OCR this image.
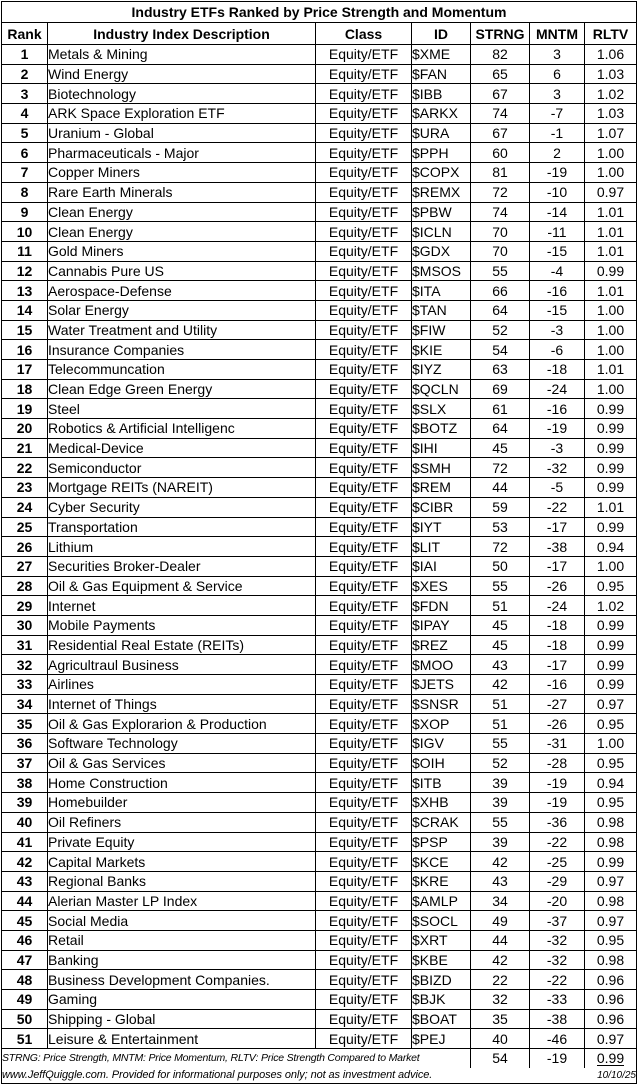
Industry ETFs Ranked by Price Strength and Momentum						
Rank	Industry Index Description	Class	ID	STRNG	MNTM	RLTV
1	Metals & Mining	Equity/ETF	$XME	82	3	1.06
2	Wind Energy	Equity/ETF	$FAN	65	6	1.03
3	Biotechnology	Equity/ETF	$IBB	67	3	1.02
4	ARK Space Exploration ETF	Equity/ETF	$ARKX	74	-7	1.03
5	Uranium - Global	Equity/ETF	$URA	67	-1	1.07
6	Pharmaceuticals - Major	Equity/ETF	$PPH	60	2	1.00
7	Copper Miners	Equity/ETF	$COPX	81	-19	1.00
8	Rare Earth Minerals	Equity/ETF	$REMX	72	-10	0.97
9	Clean Energy	Equity/ETF	$PBW	74	-14	1.01
10	Clean Energy	Equity/ETF	$ICLN	70	-11	1.01
11	Gold Miners	Equity/ETF	$GDX	70	-15	1.01
12	Cannabis Pure US	Equity/ETF	$MSOS	55	-4	0.99
13	Aerospace-Defense	Equity/ETF	$ITA	66	-16	1.01
14	Solar Energy	Equity/ETF	$TAN	64	-15	1.00
15	Water Treatment and Utility	Equity/ETF	$FIW	52	-3	1.00
16	Insurance Companies	Equity/ETF	$KIE	54	-6	1.00
17	Telecommuncation	Equity/ETF	$IYZ	63	-18	1.01
18	Clean Edge Green Energy	Equity/ETF	$QCLN	69	-24	1.00
19	Steel	Equity/ETF	$SLX	61	-16	0.99
20	Robotics & Artificial Intelligenc	Equity/ETF	$BOTZ	64	-19	0.99
21	Medical-Device	Equity/ETF	$IHI	45	-3	0.99
22	Semiconductor	Equity/ETF	$SMH	72	-32	0.99
23	Mortgage REITs (NAREIT)	Equity/ETF	$REM	44	-5	0.99
24	Cyber Security	Equity/ETF	$CIBR	59	-22	1.01
25	Transportation	Equity/ETF	$IYT	53	-17	0.99
26	Lithium	Equity/ETF	$LIT	72	-38	0.94
27	Securities Broker-Dealer	Equity/ETF	$IAI	50	-17	1.00
28	Oil & Gas Equipment & Service	Equity/ETF	$XES	55	-26	0.95
29	Internet	Equity/ETF	$FDN	51	-24	1.02
30	Mobile Payments	Equity/ETF	$IPAY	45	-18	0.99
31	Residential Real Estate (REITs)	Equity/ETF	$REZ	45	-18	0.99
32	Agricultraul Business	Equity/ETF	$MOO	43	-17	0.99
33	Airlines	Equity/ETF	$JETS	42	-16	0.99
34	Internet of Things	Equity/ETF	$SNSR	51	-27	0.97
35	Oil & Gas Explorarion & Production	Equity/ETF	$XOP	51	-26	0.95
36	Software Technology	Equity/ETF	$IGV	55	-31	1.00
37	Oil & Gas Services	Equity/ETF	$OIH	52	-28	0.95
38	Home Construction	Equity/ETF	$ITB	39	-19	0.94
39	Homebuilder	Equity/ETF	$XHB	39	-19	0.95
40	Oil Refiners	Equity/ETF	$CRAK	55	-36	0.98
41	Private Equity	Equity/ETF	$PSP	39	-22	0.98
42	Capital Markets	Equity/ETF	$KCE	42	-25	0.99
43	Regional Banks	Equity/ETF	$KRE	43	-29	0.97
44	Alerian Master LP Index	Equity/ETF	$AMLP	34	-20	0.98
45	Social Media	Equity/ETF	$SOCL	49	-37	0.97
46	Retail	Equity/ETF	$XRT	44	-32	0.95
47	Banking	Equity/ETF	$KBE	42	-32	0.98
48	Business Development Companies.	Equity/ETF	$BIZD	22	-22	0.96
49	Gaming	Equity/ETF	$BJK	32	-33	0.96
50	Shipping - Global	Equity/ETF	$BOAT	35	-38	0.96
51	Leisure & Entertainment	Equity/ETF	$PEJ	40	-46	0.97
STRNG: Price Strength, MNTM: Price Momentum, RLTV: Price Strength Compared to Market				54	-19	0.99
www.JeffQuiggle.com. Provided for informational purposes only; not as investment advice.						10/10/25
